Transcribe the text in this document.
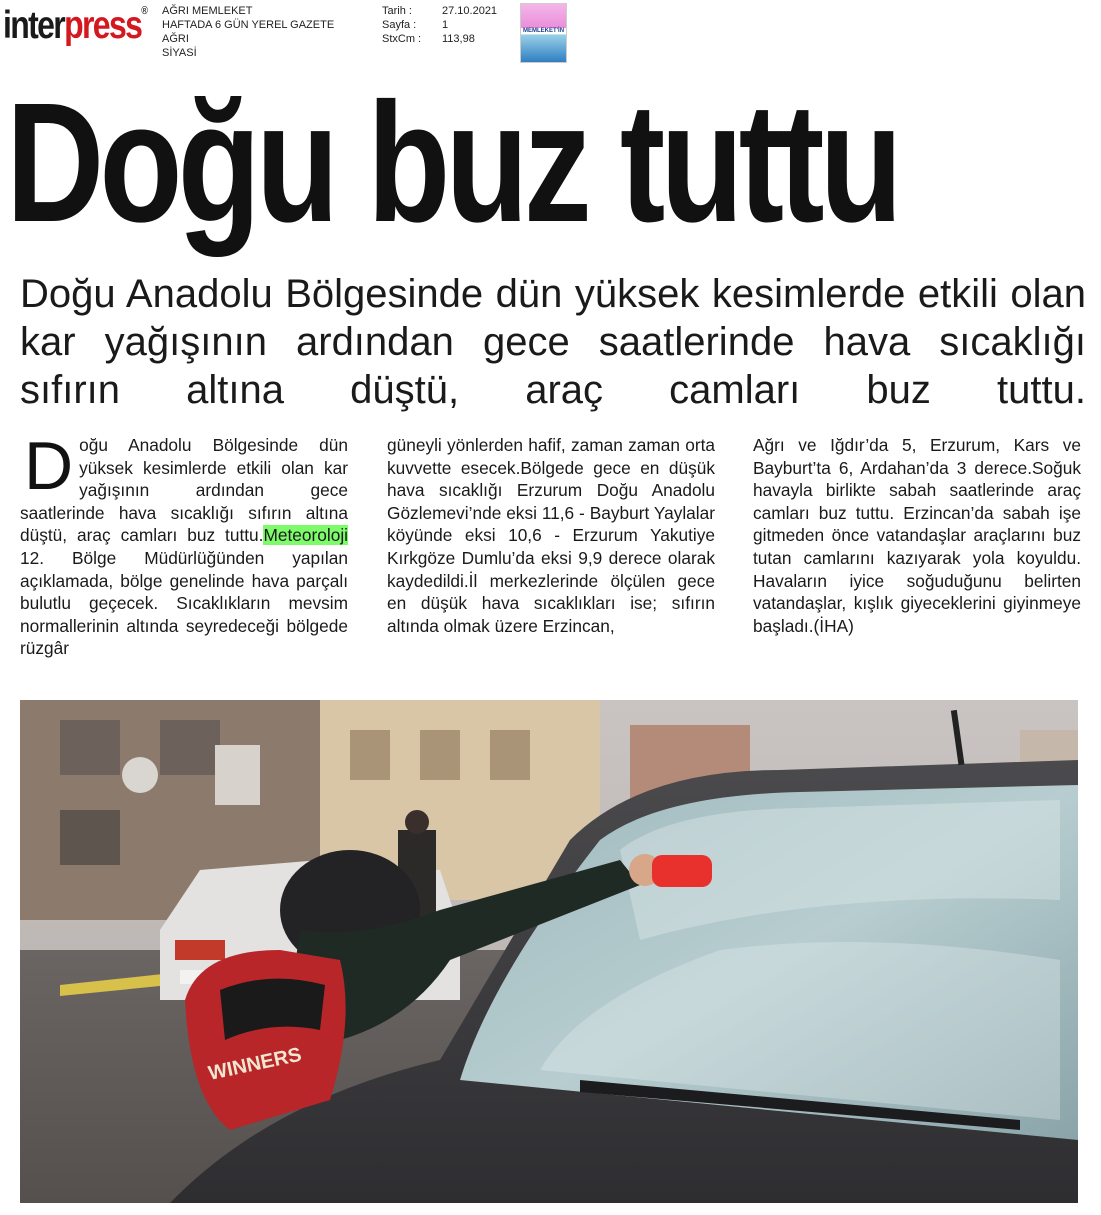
interpress® AĞRI MEMLEKET
HAFTADA 6 GÜN YEREL GAZETE
AĞRI
SİYASİ
Tarih :	27.10.2021
Sayfa :	1
StxCm :	113,98
MEMLEKET'İN
Doğu buz tuttu
Doğu Anadolu Bölgesinde dün yüksek kesimlerde etkili olan kar yağışının ardından gece saatlerinde hava sıcaklığı sıfırın altına düştü, araç camları buz tuttu.
Doğu Anadolu Bölgesinde dün yüksek kesimlerde etkili olan kar yağışının ardından gece saatlerinde hava sıcaklığı sıfırın altına düştü, araç camları buz tuttu.Meteoroloji 12. Bölge Müdürlüğünden yapılan açıklamada, bölge genelinde hava parçalı bulutlu geçecek. Sıcaklıkların mevsim normallerinin altında seyredeceği bölgede rüzgâr
güneyli yönlerden hafif, zaman zaman orta kuvvette esecek.Bölgede gece en düşük hava sıcaklığı Erzurum Doğu Anadolu Gözlemevi’nde eksi 11,6 - Bayburt Yaylalar köyünde eksi 10,6 - Erzurum Yakutiye Kırkgöze Dumlu’da eksi 9,9 derece olarak kaydedildi.İl merkezlerinde ölçülen gece en düşük hava sıcaklıkları ise; sıfırın altında olmak üzere Erzincan,
Ağrı ve Iğdır’da 5, Erzurum, Kars ve Bayburt’ta 6, Ardahan’da 3 derece.Soğuk havayla birlikte sabah saatlerinde araç camları buz tuttu. Erzincan’da sabah işe gitmeden önce vatandaşlar araçlarını buz tutan camlarını kazıyarak yola koyuldu. Havaların iyice soğuduğunu belirten vatandaşlar, kışlık giyeceklerini giyinmeye başladı.(İHA)
WINNERS
